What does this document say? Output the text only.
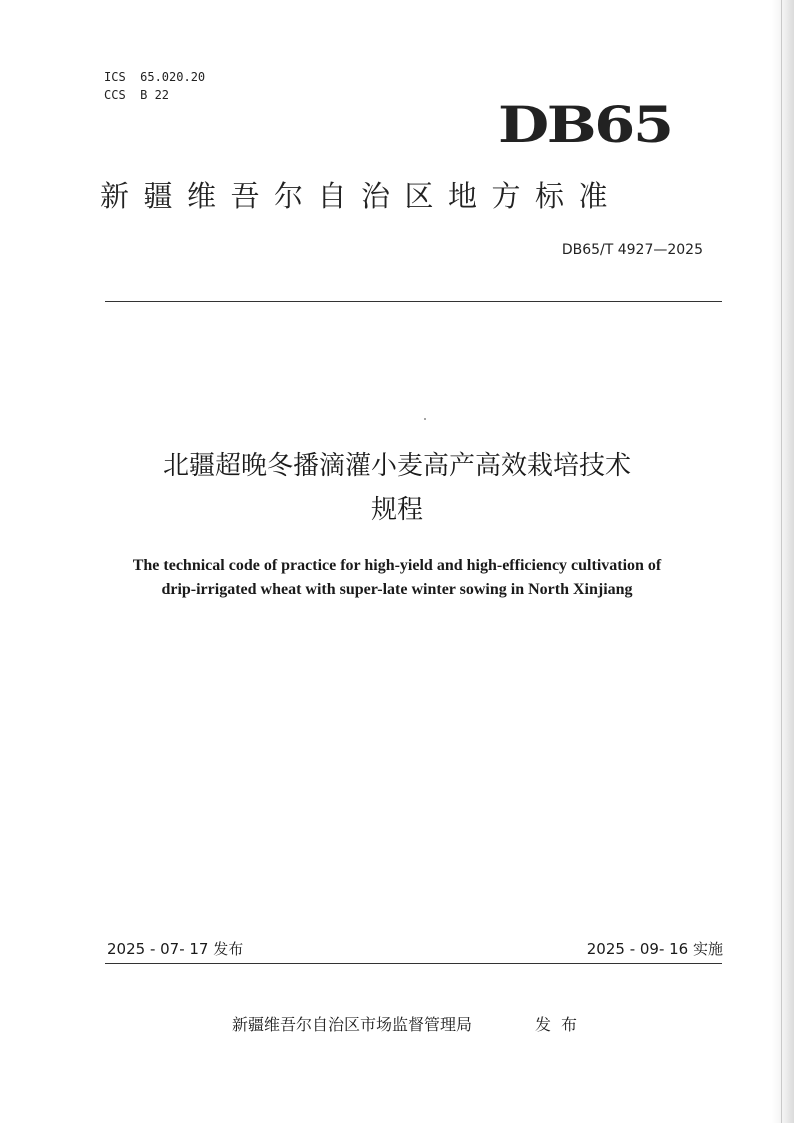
ICS  65.020.20
CCS  B 22	DB65
新疆维吾尔自治区地方标准
DB65/T 4927—2025
北疆超晚冬播滴灌小麦高产高效栽培技术
规程
The technical code of practice for high-yield and high-efficiency cultivation of
drip-irrigated wheat with super-late winter sowing in North Xinjiang
2025 - 07- 17 发布	2025 - 09- 16 实施
新疆维吾尔自治区市场监督管理局	发布
